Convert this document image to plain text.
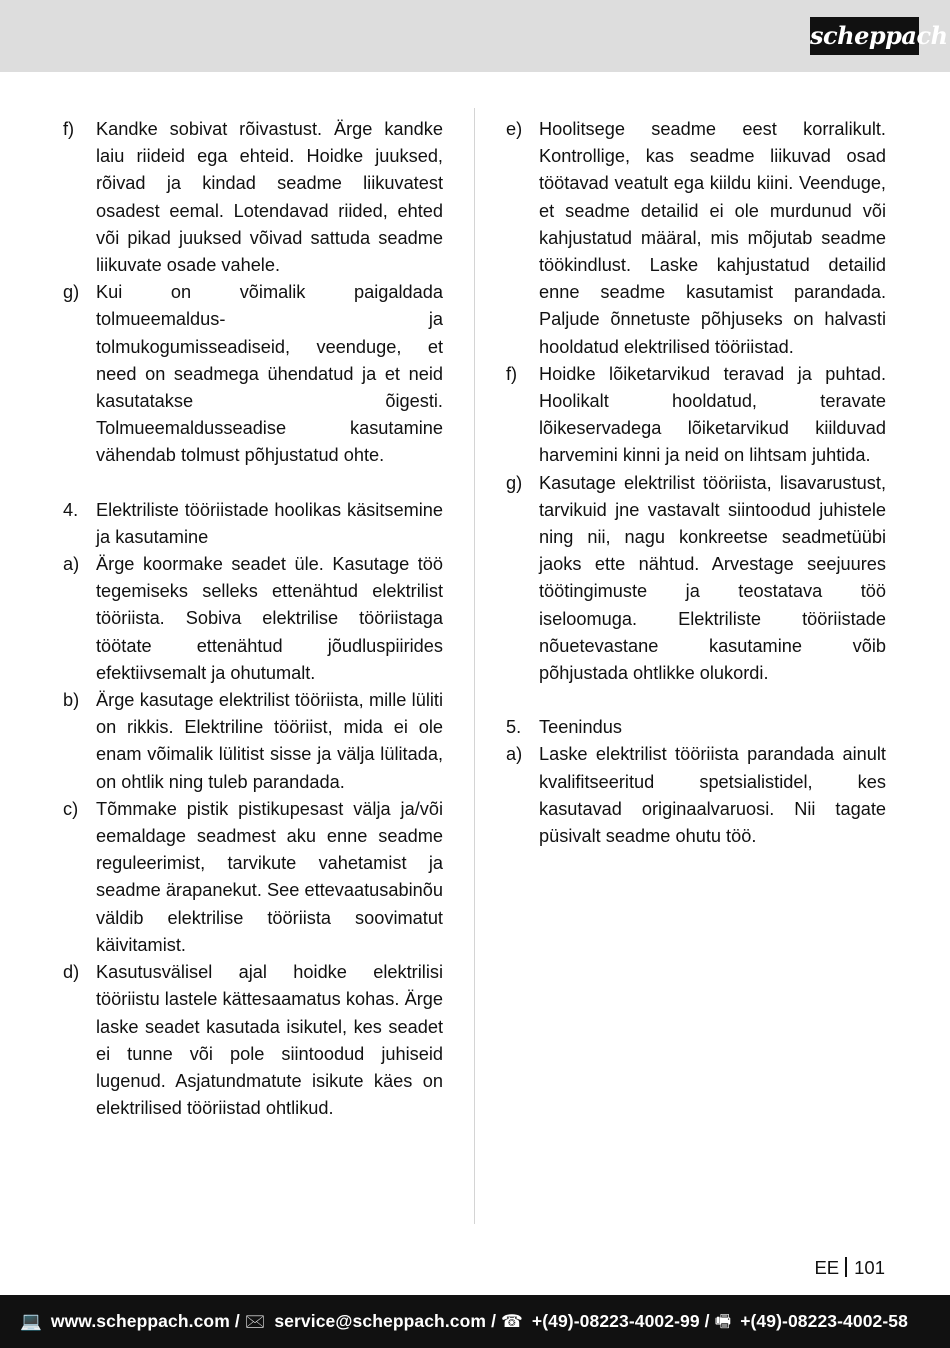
scheppach
f)	Kandke sobivat rõivastust. Ärge kandke laiu riideid ega ehteid. Hoidke juuksed, rõivad ja kindad seadme liikuvatest osadest eemal. Lotendavad riided, ehted või pikad juuksed võivad sattuda seadme liikuvate osade vahele.
g) Kui on võimalik paigaldada tolmueemaldus- ja tolmukogumisseadiseid, veenduge, et need on seadmega ühendatud ja et neid kasutatakse õigesti. Tolmueemaldusseadise kasutamine vähendab tolmust põhjustatud ohte.
4. Elektriliste tööriistade hoolikas käsitsemine ja kasutamine
a) Ärge koormake seadet üle. Kasutage töö tegemiseks selleks ettenähtud elektrilist tööriista. Sobiva elektrilise tööriistaga töötate ettenähtud jõudluspiirides efektiivsemalt ja ohutumalt.
b) Ärge kasutage elektrilist tööriista, mille lüliti on rikkis. Elektriline tööriist, mida ei ole enam võimalik lülitist sisse ja välja lülitada, on ohtlik ning tuleb parandada.
c) Tõmmake pistik pistikupesast välja ja/või eemaldage seadmest aku enne seadme reguleerimist, tarvikute vahetamist ja seadme ärapanekut. See ettevaatusabinõu väldib elektrilise tööriista soovimatut käivitamist.
d) Kasutusvälisel ajal hoidke elektrilisi tööriistu lastele kättesaamatus kohas. Ärge laske seadet kasutada isikutel, kes seadet ei tunne või pole siintoodud juhiseid lugenud. Asjatundmatute isikute käes on elektrilised tööriistad ohtlikud.
e) Hoolitsege seadme eest korralikult. Kontrollige, kas seadme liikuvad osad töötavad veatult ega kiildu kiini. Veenduge, et seadme detailid ei ole murdunud või kahjustatud määral, mis mõjutab seadme töökindlust. Laske kahjustatud detailid enne seadme kasutamist parandada. Paljude õnnetuste põhjuseks on halvasti hooldatud elektrilised tööriistad.
f)	Hoidke lõiketarvikud teravad ja puhtad. Hoolikalt hooldatud, teravate lõikeservadega lõiketarvikud kiilduvad harvemini kinni ja neid on lihtsam juhtida.
g) Kasutage elektrilist tööriista, lisavarustust, tarvikuid jne vastavalt siintoodud juhistele ning nii, nagu konkreetse seadmetüübi jaoks ette nähtud. Arvestage seejuures töötingimuste ja teostatava töö iseloomuga. Elektriliste tööriistade nõuetevastane kasutamine võib põhjustada ohtlikke olukordi.
5. Teenindus
a) Laske elektrilist tööriista parandada ainult kvalifitseeritud spetsialistidel, kes kasutavad originaalvaruosi. Nii tagate püsivalt seadme ohutu töö.
EE 101
💻 www.scheppach.com / 🖂 service@scheppach.com / ☎ +(49)-08223-4002-99 / 🖷 +(49)-08223-4002-58
